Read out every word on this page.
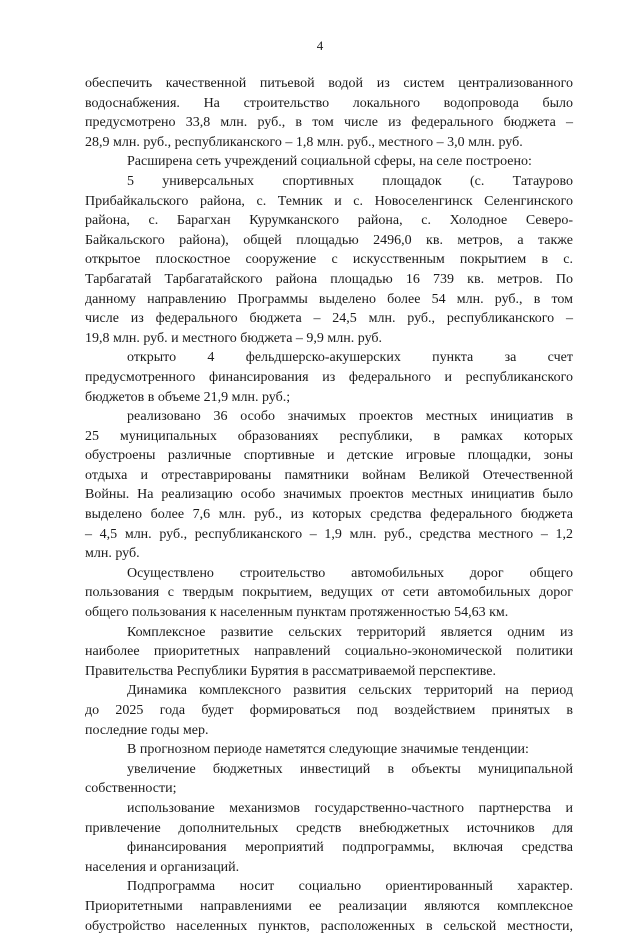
4
обеспечить качественной питьевой водой из систем централизованного
водоснабжения. На строительство локального водопровода было
предусмотрено 33,8 млн. руб., в том числе из федерального бюджета –
28,9 млн. руб., республиканского – 1,8 млн. руб., местного – 3,0 млн. руб.
Расширена сеть учреждений социальной сферы, на селе построено:
5 универсальных спортивных площадок (с. Татаурово
Прибайкальского района, с. Темник и с. Новоселенгинск Селенгинского
района, с. Барагхан Курумканского района, с. Холодное Северо-
Байкальского района), общей площадью 2496,0 кв. метров, а также
открытое плоскостное сооружение с искусственным покрытием в с.
Тарбагатай Тарбагатайского района площадью 16 739 кв. метров. По
данному направлению Программы выделено более 54 млн. руб., в том
числе из федерального бюджета – 24,5 млн. руб., республиканского –
19,8 млн. руб. и местного бюджета – 9,9 млн. руб.
открыто 4 фельдшерско-акушерских пункта за счет
предусмотренного финансирования из федерального и республиканского
бюджетов в объеме 21,9 млн. руб.;
реализовано 36 особо значимых проектов местных инициатив в
25 муниципальных образованиях республики, в рамках которых
обустроены различные спортивные и детские игровые площадки, зоны
отдыха и отреставрированы памятники войнам Великой Отечественной
Войны. На реализацию особо значимых проектов местных инициатив было
выделено более 7,6 млн. руб., из которых средства федерального бюджета
– 4,5 млн. руб., республиканского – 1,9 млн. руб., средства местного – 1,2
млн. руб.
Осуществлено строительство автомобильных дорог общего
пользования с твердым покрытием, ведущих от сети автомобильных дорог
общего пользования к населенным пунктам протяженностью 54,63 км.
Комплексное развитие сельских территорий является одним из
наиболее приоритетных направлений социально-экономической политики
Правительства Республики Бурятия в рассматриваемой перспективе.
Динамика комплексного развития сельских территорий на период
до 2025 года будет формироваться под воздействием принятых в
последние годы мер.
В прогнозном периоде наметятся следующие значимые тенденции:
увеличение бюджетных инвестиций в объекты муниципальной
собственности;
использование механизмов государственно-частного партнерства и
привлечение дополнительных средств внебюджетных источников для
финансирования мероприятий подпрограммы, включая средства
населения и организаций.
Подпрограмма носит социально ориентированный характер.
Приоритетными направлениями ее реализации являются комплексное
обустройство населенных пунктов, расположенных в сельской местности,
